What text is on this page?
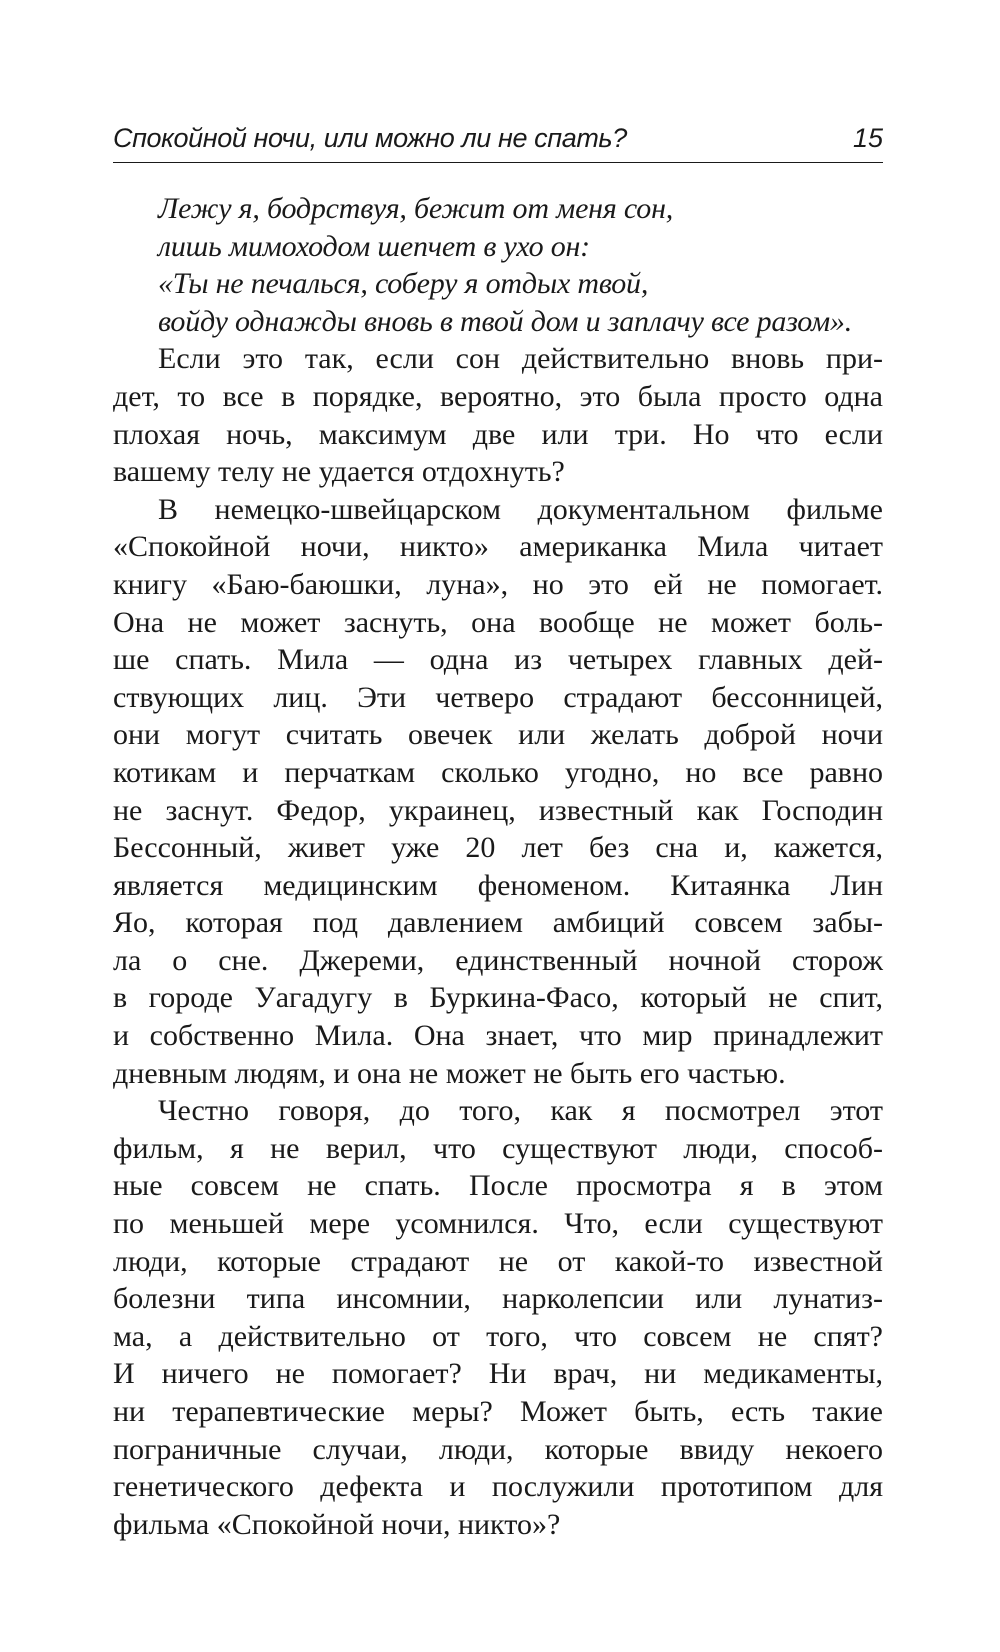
Спокойной ночи, или можно ли не спать?	15
Лежу я, бодрствуя, бежит от меня сон,
лишь мимоходом шепчет в ухо он:
«Ты не печалься, соберу я отдых твой,
войду однажды вновь в твой дом и заплачу все разом».
Если это так, если сон действительно вновь при-
дет, то все в порядке, вероятно, это была просто одна
плохая ночь, максимум две или три. Но что если
вашему телу не удается отдохнуть?
В немецко-швейцарском документальном фильме
«Спокойной ночи, никто» американка Мила читает
книгу «Баю-баюшки, луна», но это ей не помогает.
Она не может заснуть, она вообще не может боль-
ше спать. Мила — одна из четырех главных дей-
ствующих лиц. Эти четверо страдают бессонницей,
они могут считать овечек или желать доброй ночи
котикам и перчаткам сколько угодно, но все равно
не заснут. Федор, украинец, известный как Господин
Бессонный, живет уже 20 лет без сна и, кажется,
является медицинским феноменом. Китаянка Лин
Яо, которая под давлением амбиций совсем забы-
ла о сне. Джереми, единственный ночной сторож
в городе Уагадугу в Буркина-Фасо, который не спит,
и собственно Мила. Она знает, что мир принадлежит
дневным людям, и она не может не быть его частью.
Честно говоря, до того, как я посмотрел этот
фильм, я не верил, что существуют люди, способ-
ные совсем не спать. После просмотра я в этом
по меньшей мере усомнился. Что, если существуют
люди, которые страдают не от какой-то известной
болезни типа инсомнии, нарколепсии или лунатиз-
ма, а действительно от того, что совсем не спят?
И ничего не помогает? Ни врач, ни медикаменты,
ни терапевтические меры? Может быть, есть такие
пограничные случаи, люди, которые ввиду некоего
генетического дефекта и послужили прототипом для
фильма «Спокойной ночи, никто»?
